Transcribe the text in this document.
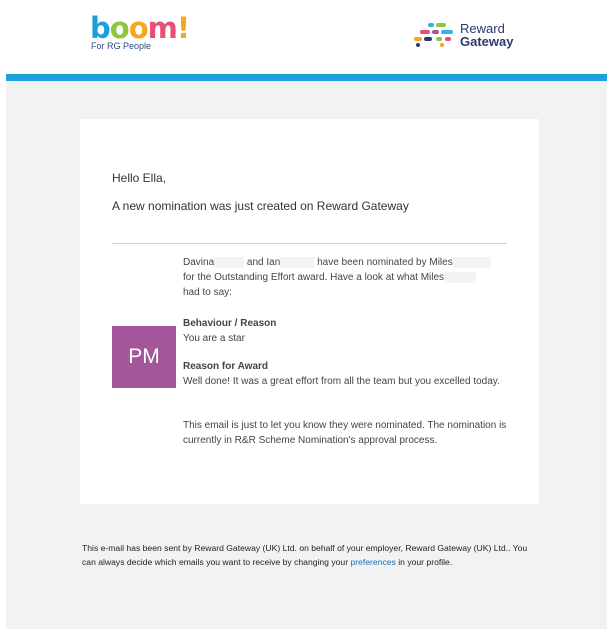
boom!
For RG People
Reward
Gateway
Hello Ella,
A new nomination was just created on Reward Gateway
Davina	and Ian	have been nominated by Miles
for the Outstanding Effort award. Have a look at what Miles
had to say:
PM
Behaviour / Reason
You are a star
Reason for Award
Well done! It was a great effort from all the team but you excelled today.
This email is just to let you know they were nominated. The nomination is currently in R&R Scheme Nomination's approval process.
This e-mail has been sent by Reward Gateway (UK) Ltd. on behalf of your employer, Reward Gateway (UK) Ltd.. You can always decide which emails you want to receive by changing your preferences in your profile.
